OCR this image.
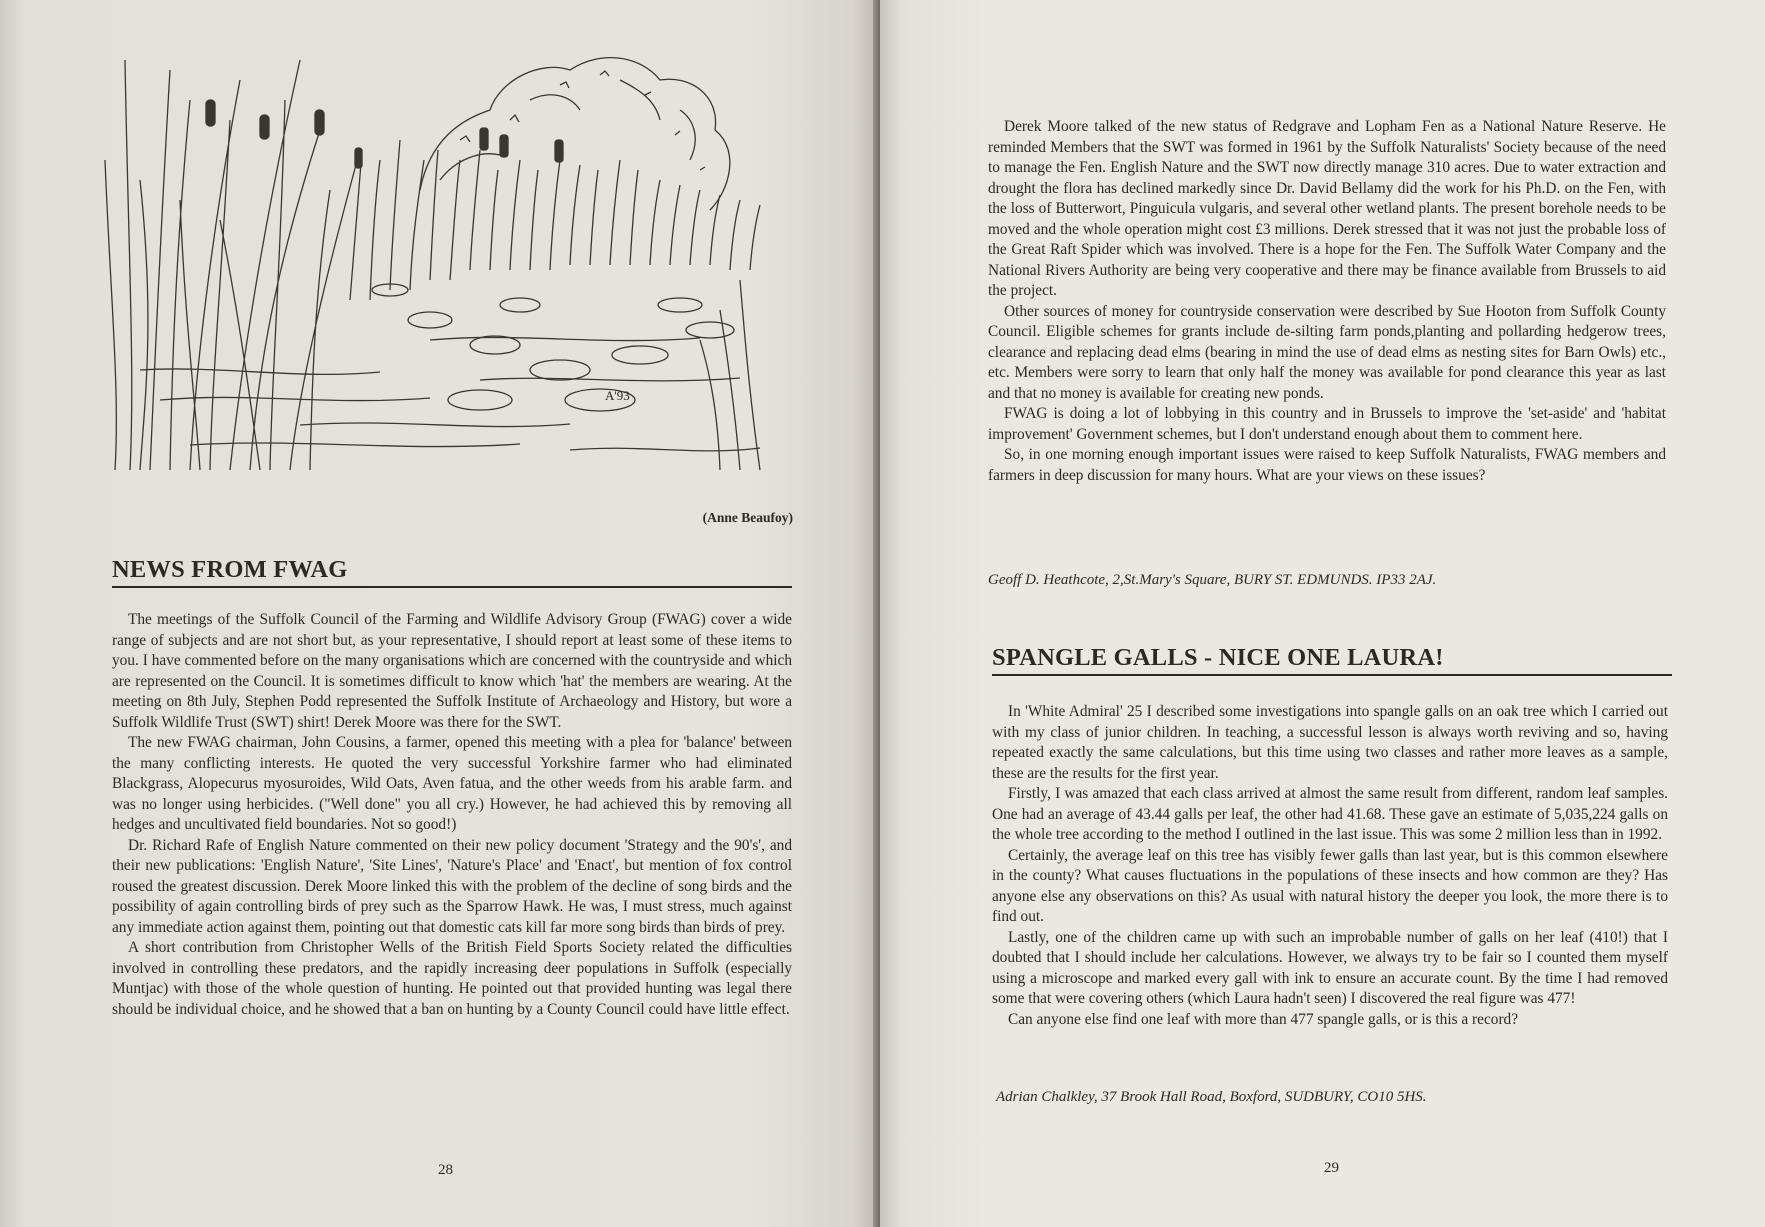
A'93
(Anne Beaufoy)
NEWS FROM FWAG

The meetings of the Suffolk Council of the Farming and Wildlife Advisory Group (FWAG) cover a wide range of subjects and are not short but, as your representative, I should report at least some of these items to you. I have commented before on the many organisations which are concerned with the countryside and which are represented on the Council. It is sometimes difficult to know which 'hat' the members are wearing. At the meeting on 8th July, Stephen Podd represented the Suffolk Institute of Archaeology and History, but wore a Suffolk Wildlife Trust (SWT) shirt! Derek Moore was there for the SWT.

The new FWAG chairman, John Cousins, a farmer, opened this meeting with a plea for 'balance' between the many conflicting interests. He quoted the very successful Yorkshire farmer who had eliminated Blackgrass, Alopecurus myosuroides, Wild Oats, Aven fatua, and the other weeds from his arable farm. and was no longer using herbicides. ("Well done" you all cry.) However, he had achieved this by removing all hedges and uncultivated field boundaries. Not so good!)

Dr. Richard Rafe of English Nature commented on their new policy document 'Strategy and the 90's', and their new publications: 'English Nature', 'Site Lines', 'Nature's Place' and 'Enact', but mention of fox control roused the greatest discussion. Derek Moore linked this with the problem of the decline of song birds and the possibility of again controlling birds of prey such as the Sparrow Hawk. He was, I must stress, much against any immediate action against them, pointing out that domestic cats kill far more song birds than birds of prey.

A short contribution from Christopher Wells of the British Field Sports Society related the difficulties involved in controlling these predators, and the rapidly increasing deer populations in Suffolk (especially Muntjac) with those of the whole question of hunting. He pointed out that provided hunting was legal there should be individual choice, and he showed that a ban on hunting by a County Council could have little effect.

28

Derek Moore talked of the new status of Redgrave and Lopham Fen as a National Nature Reserve. He reminded Members that the SWT was formed in 1961 by the Suffolk Naturalists' Society because of the need to manage the Fen. English Nature and the SWT now directly manage 310 acres. Due to water extraction and drought the flora has declined markedly since Dr. David Bellamy did the work for his Ph.D. on the Fen, with the loss of Butterwort, Pinguicula vulgaris, and several other wetland plants. The present borehole needs to be moved and the whole operation might cost £3 millions. Derek stressed that it was not just the probable loss of the Great Raft Spider which was involved. There is a hope for the Fen. The Suffolk Water Company and the National Rivers Authority are being very cooperative and there may be finance available from Brussels to aid the project.

Other sources of money for countryside conservation were described by Sue Hooton from Suffolk County Council. Eligible schemes for grants include de-silting farm ponds,planting and pollarding hedgerow trees, clearance and replacing dead elms (bearing in mind the use of dead elms as nesting sites for Barn Owls) etc., etc. Members were sorry to learn that only half the money was available for pond clearance this year as last and that no money is available for creating new ponds.

FWAG is doing a lot of lobbying in this country and in Brussels to improve the 'set-aside' and 'habitat improvement' Government schemes, but I don't understand enough about them to comment here.

So, in one morning enough important issues were raised to keep Suffolk Naturalists, FWAG members and farmers in deep discussion for many hours. What are your views on these issues?

Geoff D. Heathcote, 2,St.Mary's Square, BURY ST. EDMUNDS. IP33 2AJ.
SPANGLE GALLS - NICE ONE LAURA!

In 'White Admiral' 25 I described some investigations into spangle galls on an oak tree which I carried out with my class of junior children. In teaching, a successful lesson is always worth reviving and so, having repeated exactly the same calculations, but this time using two classes and rather more leaves as a sample, these are the results for the first year.

Firstly, I was amazed that each class arrived at almost the same result from different, random leaf samples. One had an average of 43.44 galls per leaf, the other had 41.68. These gave an estimate of 5,035,224 galls on the whole tree according to the method I outlined in the last issue. This was some 2 million less than in 1992.

Certainly, the average leaf on this tree has visibly fewer galls than last year, but is this common elsewhere in the county? What causes fluctuations in the populations of these insects and how common are they? Has anyone else any observations on this? As usual with natural history the deeper you look, the more there is to find out.

Lastly, one of the children came up with such an improbable number of galls on her leaf (410!) that I doubted that I should include her calculations. However, we always try to be fair so I counted them myself using a microscope and marked every gall with ink to ensure an accurate count. By the time I had removed some that were covering others (which Laura hadn't seen) I discovered the real figure was 477!

Can anyone else find one leaf with more than 477 spangle galls, or is this a record?

Adrian Chalkley, 37 Brook Hall Road, Boxford, SUDBURY, CO10 5HS.
29
